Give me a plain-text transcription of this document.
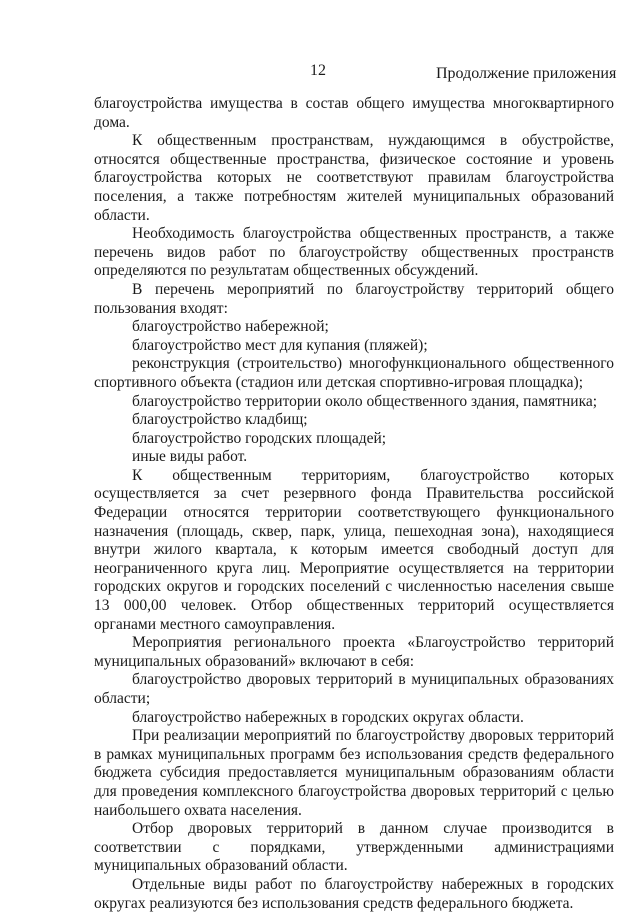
12	Продолжение приложения

благоустройства имущества в состав общего имущества многоквартирного дома.

К общественным пространствам, нуждающимся в обустройстве, относятся общественные пространства, физическое состояние и уровень благоустройства которых не соответствуют правилам благоустройства поселения, а также потребностям жителей муниципальных образований области.

Необходимость благоустройства общественных пространств, а также перечень видов работ по благоустройству общественных пространств определяются по результатам общественных обсуждений.

В перечень мероприятий по благоустройству территорий общего пользования входят:

благоустройство набережной;

благоустройство мест для купания (пляжей);

реконструкция (строительство) многофункционального общественного спортивного объекта (стадион или детская спортивно-игровая площадка);

благоустройство территории около общественного здания, памятника;

благоустройство кладбищ;

благоустройство городских площадей;

иные виды работ.

К общественным территориям, благоустройство которых осуществляется за счет резервного фонда Правительства российской Федерации относятся территории соответствующего функционального назначения (площадь, сквер, парк, улица, пешеходная зона), находящиеся внутри жилого квартала, к которым имеется свободный доступ для неограниченного круга лиц. Мероприятие осуществляется на территории городских округов и городских поселений с численностью населения свыше 13 000,00 человек. Отбор общественных территорий осуществляется органами местного самоуправления.

Мероприятия регионального проекта «Благоустройство территорий муниципальных образований» включают в себя:

благоустройство дворовых территорий в муниципальных образованиях области;

благоустройство набережных в городских округах области.

При реализации мероприятий по благоустройству дворовых территорий в рамках муниципальных программ без использования средств федерального бюджета субсидия предоставляется муниципальным образованиям области для проведения комплексного благоустройства дворовых территорий с целью наибольшего охвата населения.

Отбор дворовых территорий в данном случае производится в соответствии с порядками, утвержденными администрациями муниципальных образований области.

Отдельные виды работ по благоустройству набережных в городских округах реализуются без использования средств федерального бюджета.
